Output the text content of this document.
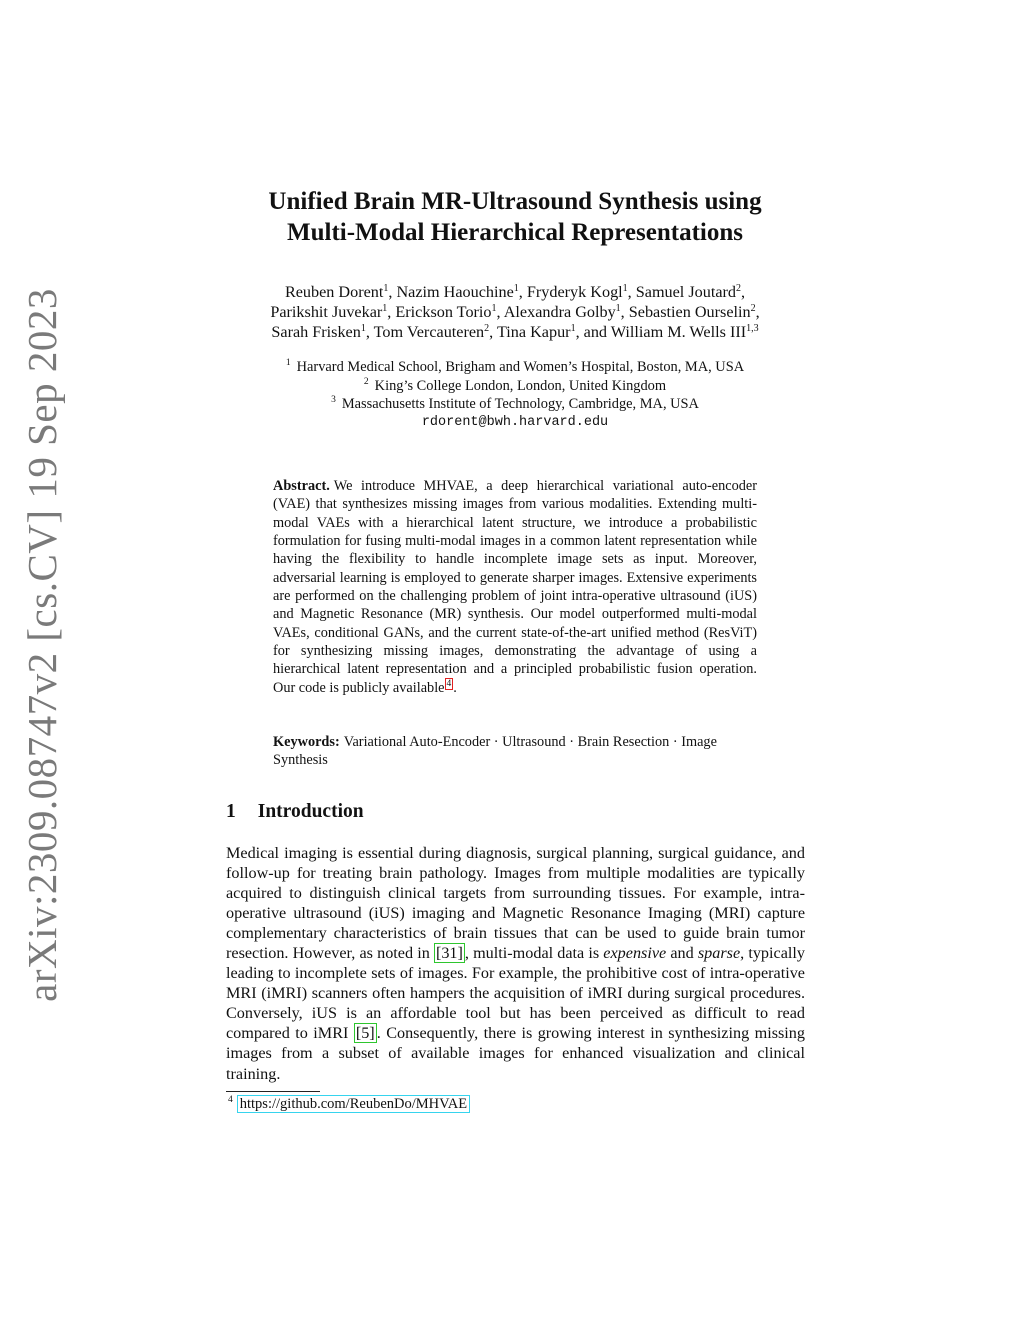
arXiv:2309.08747v2 [cs.CV] 19 Sep 2023
Unified Brain MR-Ultrasound Synthesis using
Multi-Modal Hierarchical Representations
Reuben Dorent$^1$, Nazim Haouchine$^1$, Fryderyk Kogl$^1$, Samuel Joutard$^2$,
Parikshit Juvekar$^1$, Erickson Torio$^1$, Alexandra Golby$^1$, Sebastien Ourselin$^2$,
Sarah Frisken$^1$, Tom Vercauteren$^2$, Tina Kapur$^1$, and William M. Wells III$^{1,3}$
$^1$ Harvard Medical School, Brigham and Women’s Hospital, Boston, MA, USA
$^2$ King’s College London, London, United Kingdom
$^3$ Massachusetts Institute of Technology, Cambridge, MA, USA
rdorent@bwh.harvard.edu

Abstract. We introduce MHVAE, a deep hierarchical variational auto-encoder (VAE) that synthesizes missing images from various modalities. Extending multi-modal VAEs with a hierarchical latent structure, we introduce a probabilistic formulation for fusing multi-modal images in a common latent representation while having the flexibility to handle incomplete image sets as input. Moreover, adversarial learning is employed to generate sharper images. Extensive experiments are performed on the challenging problem of joint intra-operative ultrasound (iUS) and Magnetic Resonance (MR) synthesis. Our model outperformed multi-modal VAEs, conditional GANs, and the current state-of-the-art unified method (ResViT) for synthesizing missing images, demonstrating the advantage of using a hierarchical latent representation and a principled probabilistic fusion operation. Our code is publicly available $^4$ .

Keywords: Variational Auto-Encoder · Ultrasound · Brain Resection · Image Synthesis

1 Introduction

Medical imaging is essential during diagnosis, surgical planning, surgical guidance, and follow-up for treating brain pathology. Images from multiple modalities are typically acquired to distinguish clinical targets from surrounding tissues. For example, intra-operative ultrasound (iUS) imaging and Magnetic Resonance Imaging (MRI) capture complementary characteristics of brain tissues that can be used to guide brain tumor resection. However, as noted in [31] , multi-modal data is expensive and sparse, typically leading to incomplete sets of images. For example, the prohibitive cost of intra-operative MRI (iMRI) scanners often hampers the acquisition of iMRI during surgical procedures. Conversely, iUS is an affordable tool but has been perceived as difficult to read compared to iMRI [5] . Consequently, there is growing interest in synthesizing missing images from a subset of available images for enhanced visualization and clinical training.

$^4$ https://github.com/ReubenDo/MHVAE
